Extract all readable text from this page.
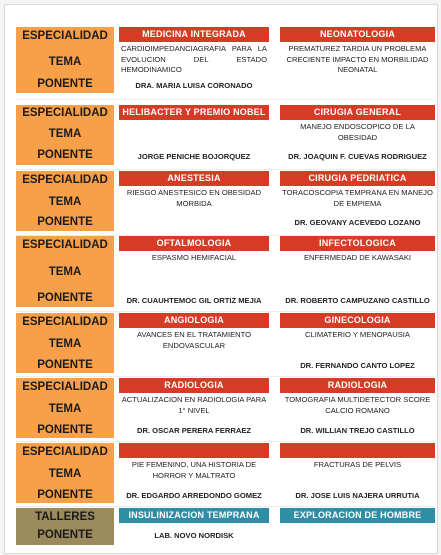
ESPECIALIDAD
TEMA
PONENTE
MEDICINA INTEGRADA
CARDIOIMPEDANCIAGRAFIA PARA LA EVOLUCION DEL ESTADO HEMODINAMICO
DRA. MARIA LUISA CORONADO
NEONATOLOGIA
PREMATUREZ TARDIA UN PROBLEMA CRECIENTE IMPACTO EN MORBILIDAD NEONATAL
ESPECIALIDAD
TEMA
PONENTE
HELIBACTER Y PREMIO NOBEL
JORGE PENICHE BOJORQUEZ
CIRUGIA GENERAL
MANEJO ENDOSCOPICO DE LA OBESIDAD
DR. JOAQUIN F. CUEVAS RODRIGUEZ
ESPECIALIDAD
TEMA
PONENTE
ANESTESIA
RIESGO ANESTESICO EN OBESIDAD MORBIDA
CIRUGIA PEDRIATICA
TORACOSCOPIA TEMPRANA EN MANEJO DE EMPIEMA
DR. GEOVANY ACEVEDO LOZANO
ESPECIALIDAD
TEMA
PONENTE
OFTALMOLOGIA
ESPASMO HEMIFACIAL
DR. CUAUHTEMOC GIL ORTIZ MEJIA
INFECTOLOGICA
ENFERMEDAD DE KAWASAKI
DR. ROBERTO CAMPUZANO CASTILLO
ESPECIALIDAD
TEMA
PONENTE
ANGIOLOGIA
AVANCES EN EL TRATAMIENTO ENDOVASCULAR
GINECOLOGIA
CLIMATERIO Y MENOPAUSIA
DR. FERNANDO CANTO LOPEZ
ESPECIALIDAD
TEMA
PONENTE
RADIOLOGIA
ACTUALIZACION EN RADIOLOGIA PARA 1° NIVEL
DR. OSCAR PERERA FERRAEZ
RADIOLOGIA
TOMOGRAFIA MULTIDETECTOR SCORE CALCIO ROMANO
DR. WILLIAN TREJO CASTILLO
ESPECIALIDAD
TEMA
PONENTE
PIE FEMENINO, UNA HISTORIA DE HORROR Y MALTRATO
DR. EDGARDO ARREDONDO GOMEZ
FRACTURAS DE PELVIS
DR. JOSE LUIS NAJERA URRUTIA
TALLERES
PONENTE
INSULINIZACION TEMPRANA
LAB. NOVO NORDISK
EXPLORACION DE HOMBRE
